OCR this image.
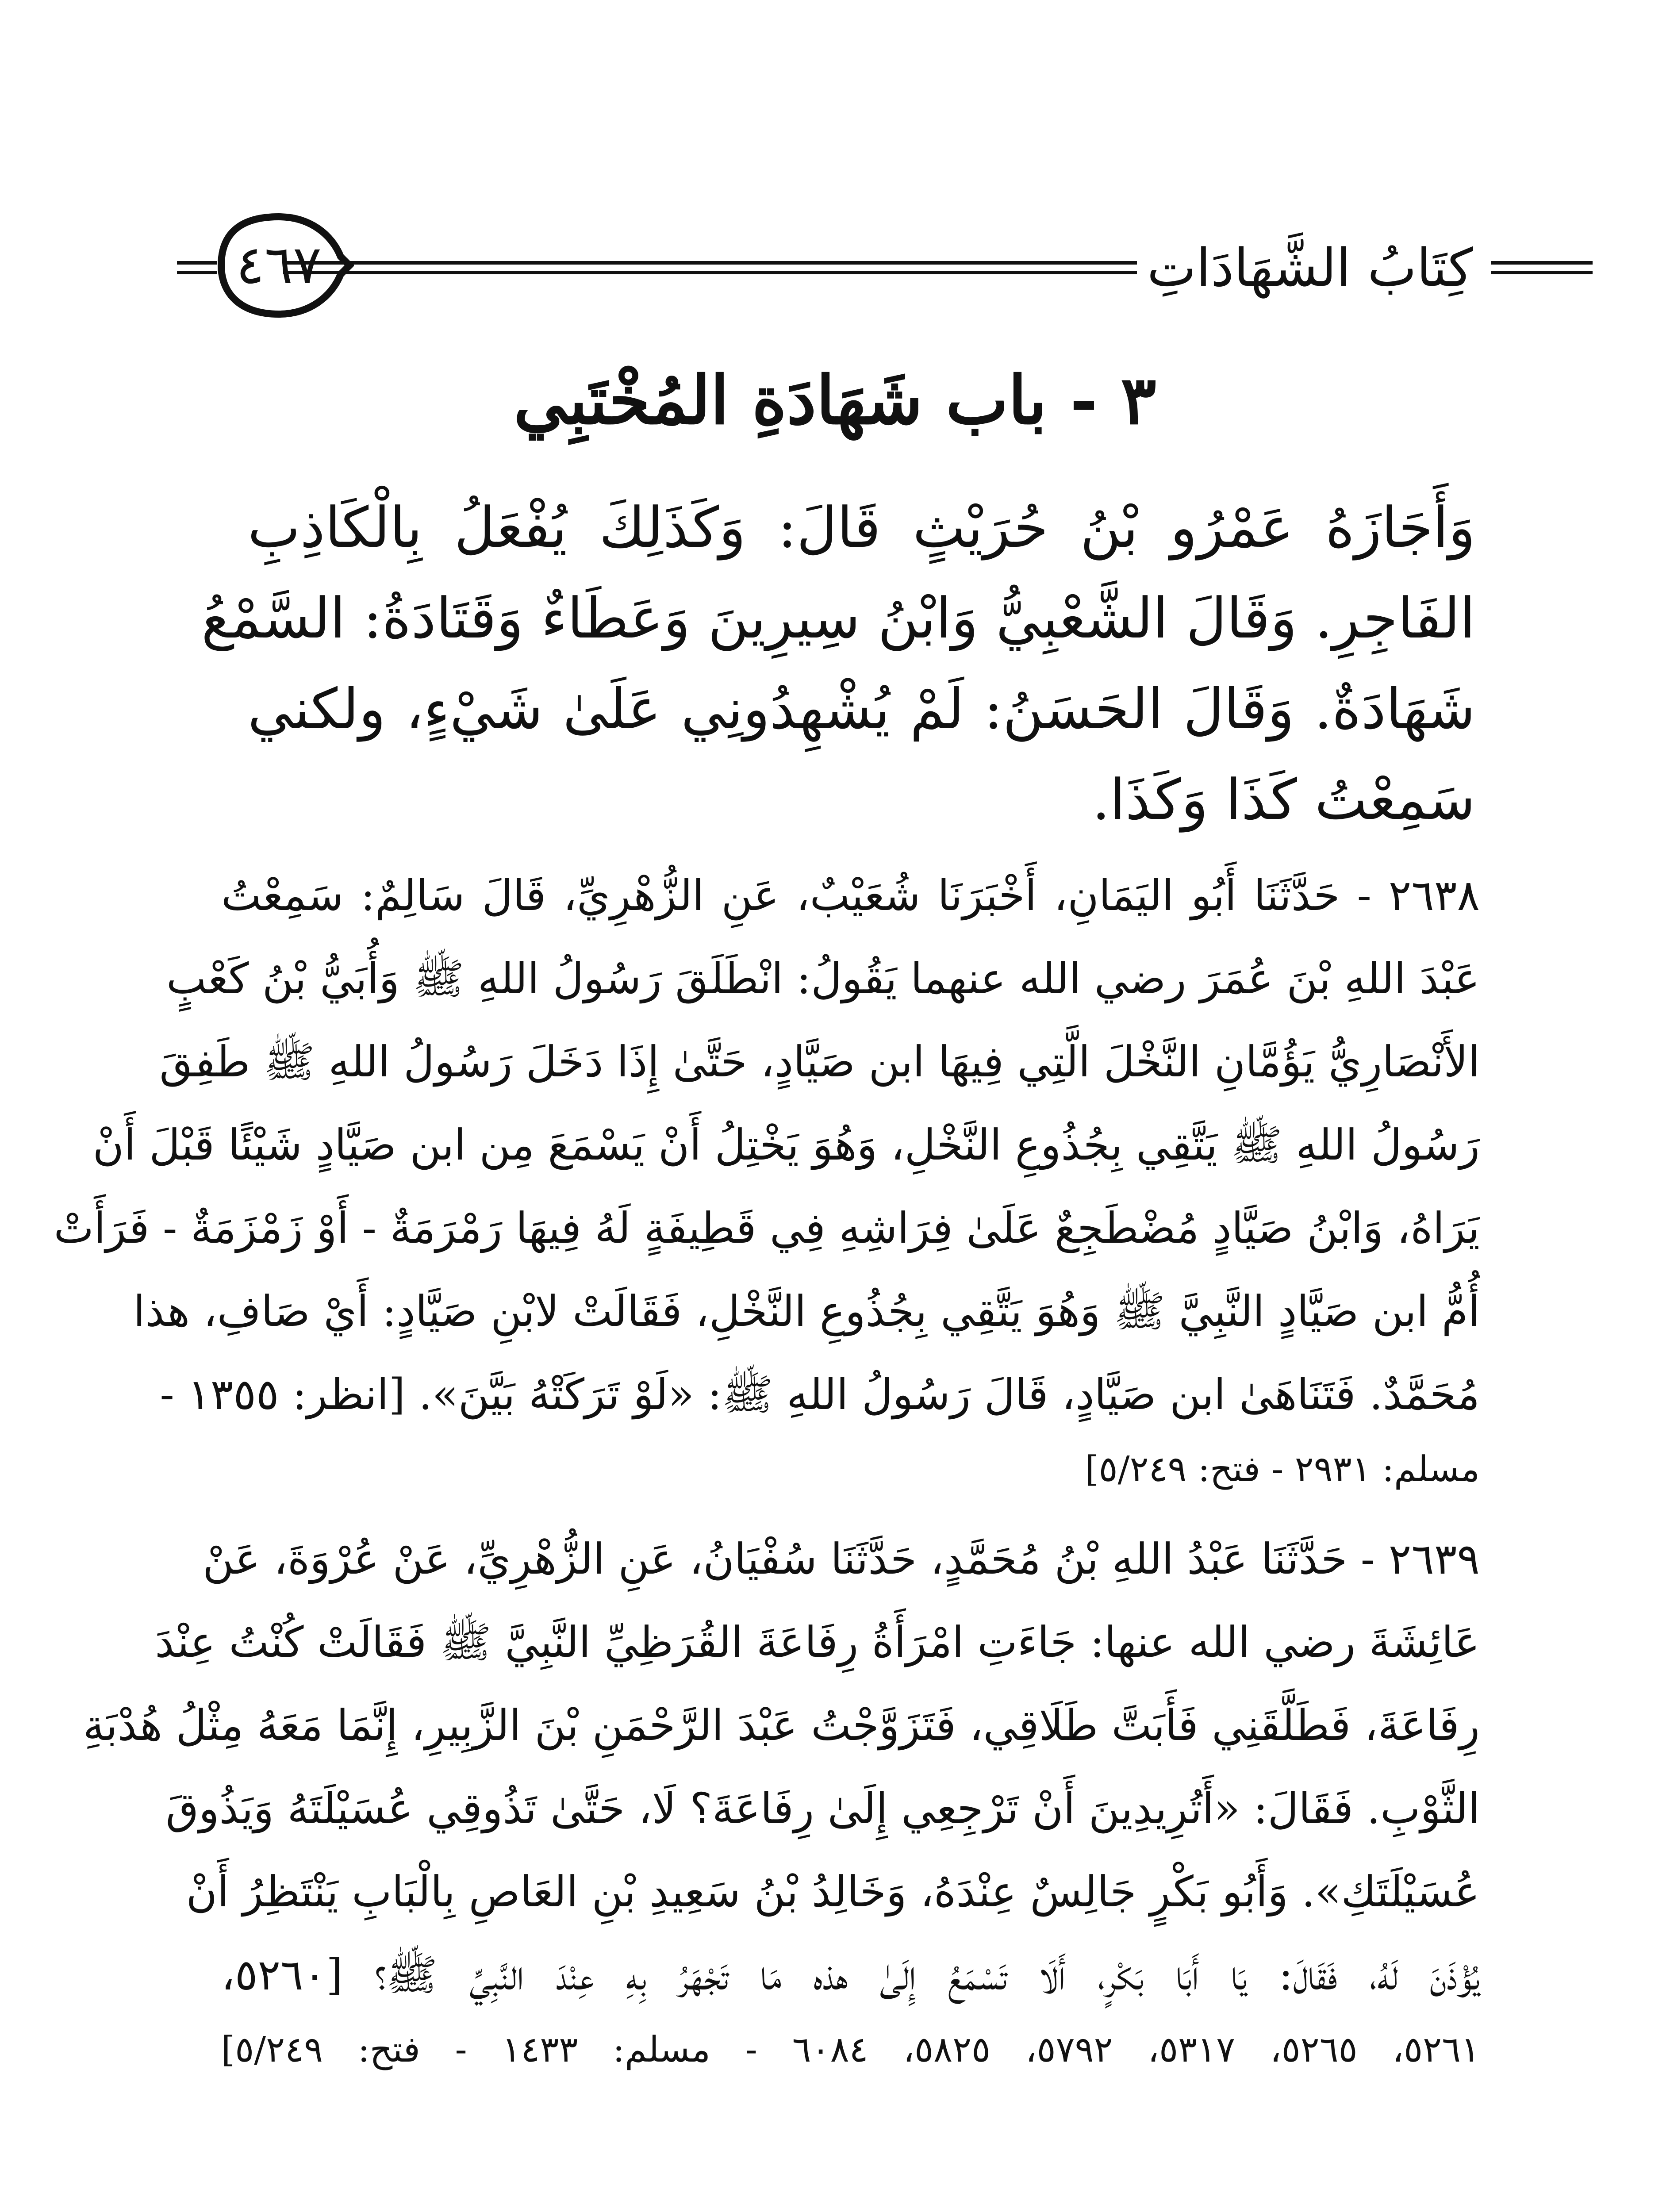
كِتَابُ الشَّهَادَاتِ
٤٦٧
٣ - باب شَهَادَةِ المُخْتَبِي
وَأَجَازَهُ عَمْرُو بْنُ حُرَيْثٍ قَالَ: وَكَذَلِكَ يُفْعَلُ بِالْكَاذِبِ
الفَاجِرِ. وَقَالَ الشَّعْبِيُّ وَابْنُ سِيرِينَ وَعَطَاءٌ وَقَتَادَةُ: السَّمْعُ
شَهَادَةٌ. وَقَالَ الحَسَنُ: لَمْ يُشْهِدُونِي عَلَىٰ شَيْءٍ، ولكني
سَمِعْتُ كَذَا وَكَذَا.
٢٦٣٨ - حَدَّثَنَا أَبُو اليَمَانِ، أَخْبَرَنَا شُعَيْبٌ، عَنِ الزُّهْرِيِّ، قَالَ سَالِمٌ: سَمِعْتُ
عَبْدَ اللهِ بْنَ عُمَرَ رضي الله عنهما يَقُولُ: انْطَلَقَ رَسُولُ اللهِ ﷺ وَأُبَيُّ بْنُ كَعْبٍ
الأَنْصَارِيُّ يَؤُمَّانِ النَّخْلَ الَّتِي فِيهَا ابن صَيَّادٍ، حَتَّىٰ إِذَا دَخَلَ رَسُولُ اللهِ ﷺ طَفِقَ
رَسُولُ اللهِ ﷺ يَتَّقِي بِجُذُوعِ النَّخْلِ، وَهُوَ يَخْتِلُ أَنْ يَسْمَعَ مِن ابن صَيَّادٍ شَيْئًا قَبْلَ أَنْ
يَرَاهُ، وَابْنُ صَيَّادٍ مُضْطَجِعٌ عَلَىٰ فِرَاشِهِ فِي قَطِيفَةٍ لَهُ فِيهَا رَمْرَمَةٌ - أَوْ زَمْزَمَةٌ - فَرَأَتْ
أُمُّ ابن صَيَّادٍ النَّبِيَّ ﷺ وَهُوَ يَتَّقِي بِجُذُوعِ النَّخْلِ، فَقَالَتْ لابْنِ صَيَّادٍ: أَيْ صَافِ، هذا
مُحَمَّدٌ. فَتَنَاهَىٰ ابن صَيَّادٍ، قَالَ رَسُولُ اللهِ ﷺ: «لَوْ تَرَكَتْهُ بَيَّنَ». [انظر: ١٣٥٥ -
مسلم: ٢٩٣١ - فتح: ٥/٢٤٩]
٢٦٣٩ - حَدَّثَنَا عَبْدُ اللهِ بْنُ مُحَمَّدٍ، حَدَّثَنَا سُفْيَانُ، عَنِ الزُّهْرِيِّ، عَنْ عُرْوَةَ، عَنْ
عَائِشَةَ رضي الله عنها: جَاءَتِ امْرَأَةُ رِفَاعَةَ القُرَظِيِّ النَّبِيَّ ﷺ فَقَالَتْ كُنْتُ عِنْدَ
رِفَاعَةَ، فَطَلَّقَنِي فَأَبَتَّ طَلَاقِي، فَتَزَوَّجْتُ عَبْدَ الرَّحْمَنِ بْنَ الزَّبِيرِ، إِنَّمَا مَعَهُ مِثْلُ هُدْبَةِ
الثَّوْبِ. فَقَالَ: «أَتُرِيدِينَ أَنْ تَرْجِعِي إِلَىٰ رِفَاعَةَ؟ لَا، حَتَّىٰ تَذُوقِي عُسَيْلَتَهُ وَيَذُوقَ
عُسَيْلَتَكِ». وَأَبُو بَكْرٍ جَالِسٌ عِنْدَهُ، وَخَالِدُ بْنُ سَعِيدِ بْنِ العَاصِ بِالْبَابِ يَنْتَظِرُ أَنْ
يُؤْذَنَ لَهُ، فَقَالَ: يَا أَبَا بَكْرٍ، أَلَا تَسْمَعُ إِلَىٰ هذه مَا تَجْهَرُ بِهِ عِنْدَ النَّبِيِّ ﷺ؟ [٥٢٦٠،
٥٢٦١، ٥٢٦٥، ٥٣١٧، ٥٧٩٢، ٥٨٢٥، ٦٠٨٤ - مسلم: ١٤٣٣ - فتح: ٥/٢٤٩]
